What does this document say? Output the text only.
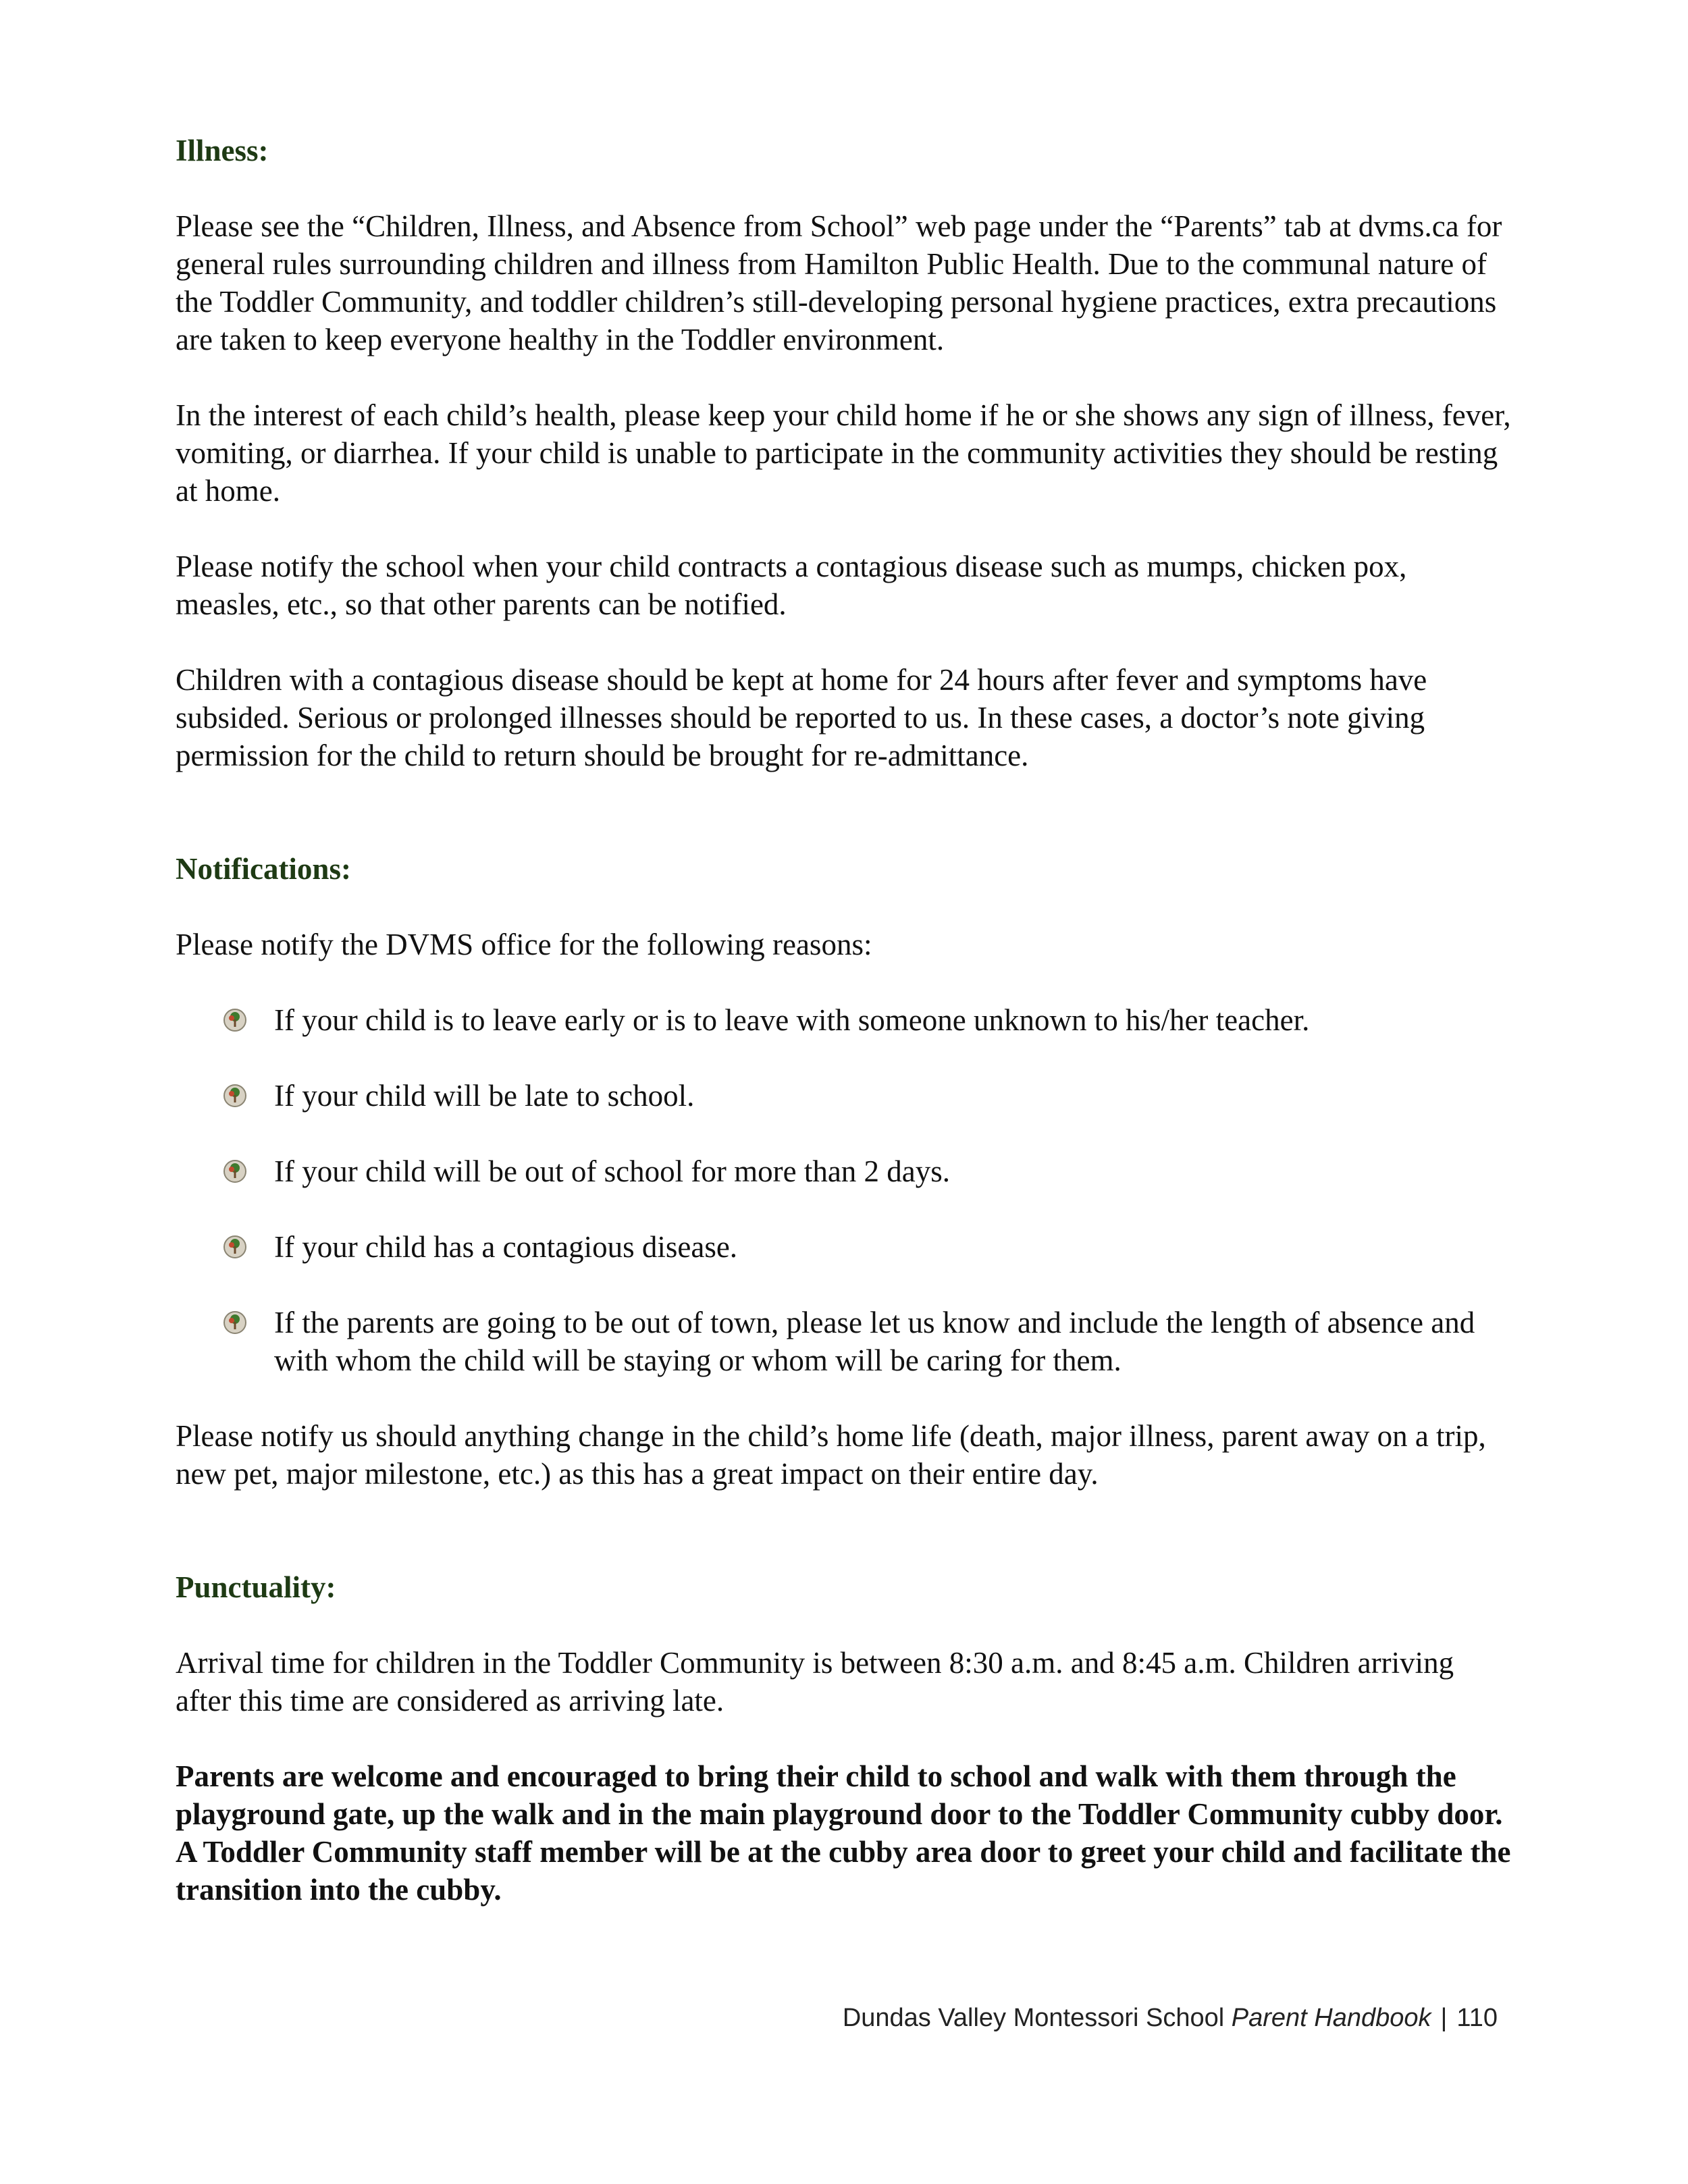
Illness:

Please see the “Children, Illness, and Absence from School” web page under the “Parents” tab at dvms.ca for general rules surrounding children and illness from Hamilton Public Health. Due to the communal nature of the Toddler Community, and toddler children’s still-developing personal hygiene practices, extra precautions are taken to keep everyone healthy in the Toddler environment.

In the interest of each child’s health, please keep your child home if he or she shows any sign of illness, fever, vomiting, or diarrhea. If your child is unable to participate in the community activities they should be resting at home.

Please notify the school when your child contracts a contagious disease such as mumps, chicken pox, measles, etc., so that other parents can be notified.

Children with a contagious disease should be kept at home for 24 hours after fever and symptoms have subsided. Serious or prolonged illnesses should be reported to us. In these cases, a doctor’s note giving permission for the child to return should be brought for re-admittance.

Notifications:

Please notify the DVMS office for the following reasons:

If your child is to leave early or is to leave with someone unknown to his/her teacher.
If your child will be late to school.
If your child will be out of school for more than 2 days.
If your child has a contagious disease.
If the parents are going to be out of town, please let us know and include the length of absence and with whom the child will be staying or whom will be caring for them.

Please notify us should anything change in the child’s home life (death, major illness, parent away on a trip, new pet, major milestone, etc.) as this has a great impact on their entire day.

Punctuality:

Arrival time for children in the Toddler Community is between 8:30 a.m. and 8:45 a.m. Children arriving after this time are considered as arriving late.

Parents are welcome and encouraged to bring their child to school and walk with them through the playground gate, up the walk and in the main playground door to the Toddler Community cubby door. A Toddler Community staff member will be at the cubby area door to greet your child and facilitate the transition into the cubby.

Dundas Valley Montessori School Parent Handbook | 110
